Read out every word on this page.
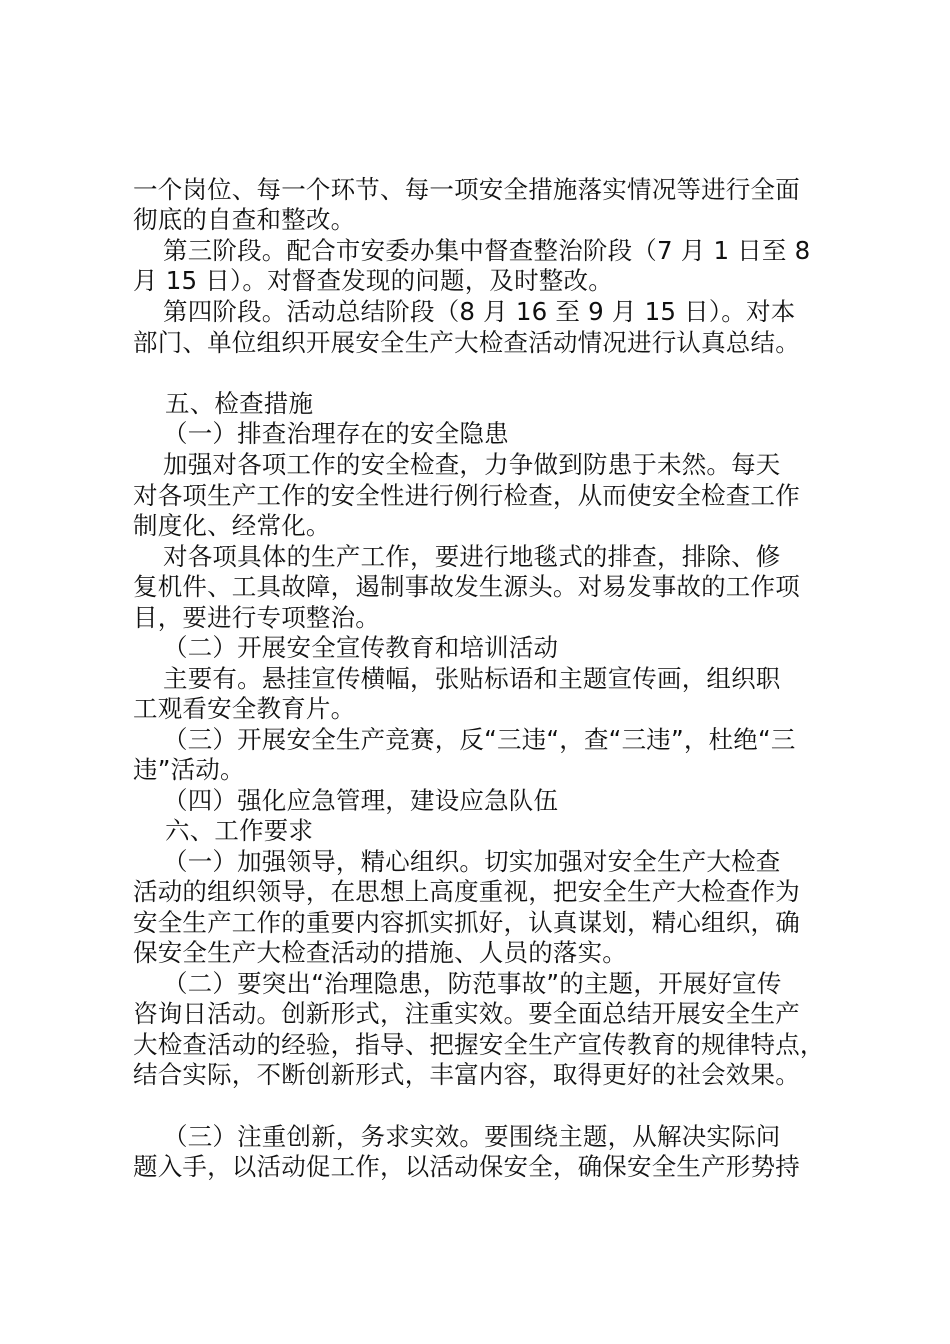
一个岗位、每一个环节、每一项安全措施落实情况等进行全面

彻底的自查和整改。

第三阶段。配合市安委办集中督查整治阶段（7 月 1 日至 8

月 15 日）。对督查发现的问题，及时整改。

第四阶段。活动总结阶段（8 月 16 至 9 月 15 日）。对本

部门、单位组织开展安全生产大检查活动情况进行认真总结。

五、检查措施

（一）排查治理存在的安全隐患

加强对各项工作的安全检查，力争做到防患于未然。每天

对各项生产工作的安全性进行例行检查，从而使安全检查工作

制度化、经常化。

对各项具体的生产工作，要进行地毯式的排查，排除、修

复机件、工具故障，遏制事故发生源头。对易发事故的工作项

目，要进行专项整治。

（二）开展安全宣传教育和培训活动

主要有。悬挂宣传横幅，张贴标语和主题宣传画，组织职

工观看安全教育片。

（三）开展安全生产竞赛，反“三违“，查“三违”，杜绝“三

违”活动。

（四）强化应急管理，建设应急队伍

六、工作要求

（一）加强领导，精心组织。切实加强对安全生产大检查

活动的组织领导，在思想上高度重视，把安全生产大检查作为

安全生产工作的重要内容抓实抓好，认真谋划，精心组织，确

保安全生产大检查活动的措施、人员的落实。

（二）要突出“治理隐患，防范事故”的主题，开展好宣传

咨询日活动。创新形式，注重实效。要全面总结开展安全生产

大检查活动的经验，指导、把握安全生产宣传教育的规律特点，

结合实际，不断创新形式，丰富内容，取得更好的社会效果。

（三）注重创新，务求实效。要围绕主题，从解决实际问

题入手，以活动促工作，以活动保安全，确保安全生产形势持
